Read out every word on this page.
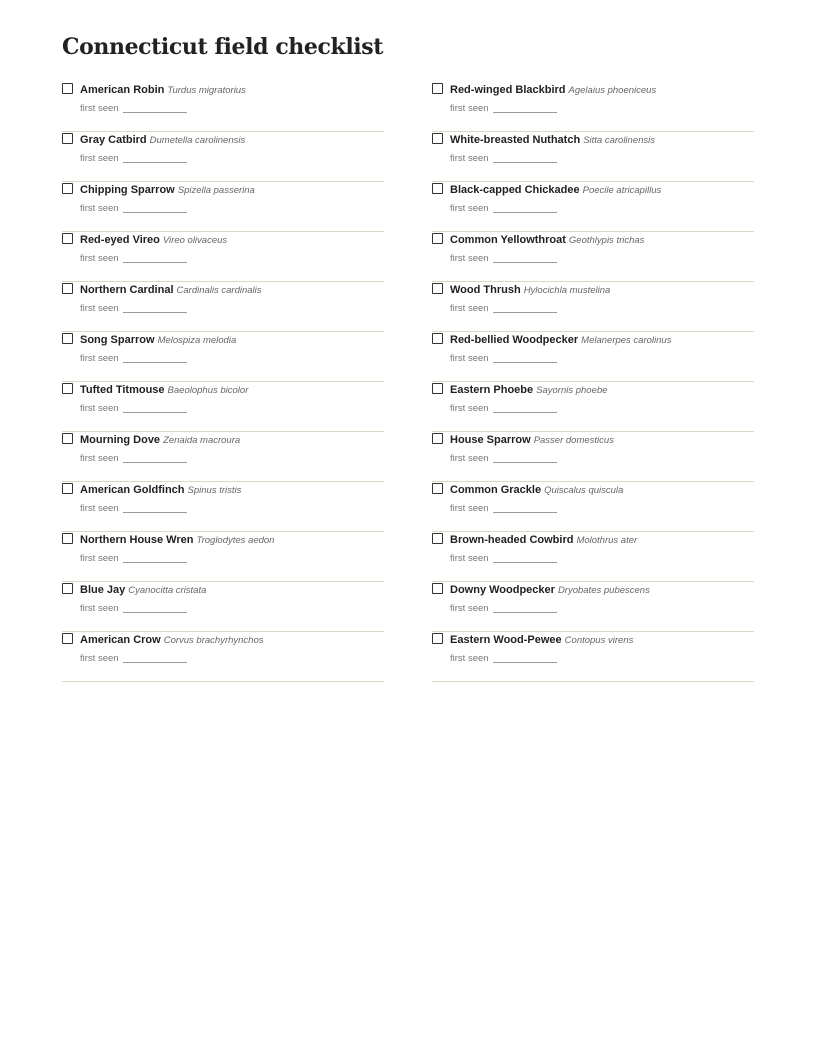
Connecticut field checklist
American Robin Turdus migratorius
first seen
Gray Catbird Dumetella carolinensis
first seen
Chipping Sparrow Spizella passerina
first seen
Red-eyed Vireo Vireo olivaceus
first seen
Northern Cardinal Cardinalis cardinalis
first seen
Song Sparrow Melospiza melodia
first seen
Tufted Titmouse Baeolophus bicolor
first seen
Mourning Dove Zenaida macroura
first seen
American Goldfinch Spinus tristis
first seen
Northern House Wren Troglodytes aedon
first seen
Blue Jay Cyanocitta cristata
first seen
American Crow Corvus brachyrhynchos
first seen
Red-winged Blackbird Agelaius phoeniceus
first seen
White-breasted Nuthatch Sitta carolinensis
first seen
Black-capped Chickadee Poecile atricapillus
first seen
Common Yellowthroat Geothlypis trichas
first seen
Wood Thrush Hylocichla mustelina
first seen
Red-bellied Woodpecker Melanerpes carolinus
first seen
Eastern Phoebe Sayornis phoebe
first seen
House Sparrow Passer domesticus
first seen
Common Grackle Quiscalus quiscula
first seen
Brown-headed Cowbird Molothrus ater
first seen
Downy Woodpecker Dryobates pubescens
first seen
Eastern Wood-Pewee Contopus virens
first seen
